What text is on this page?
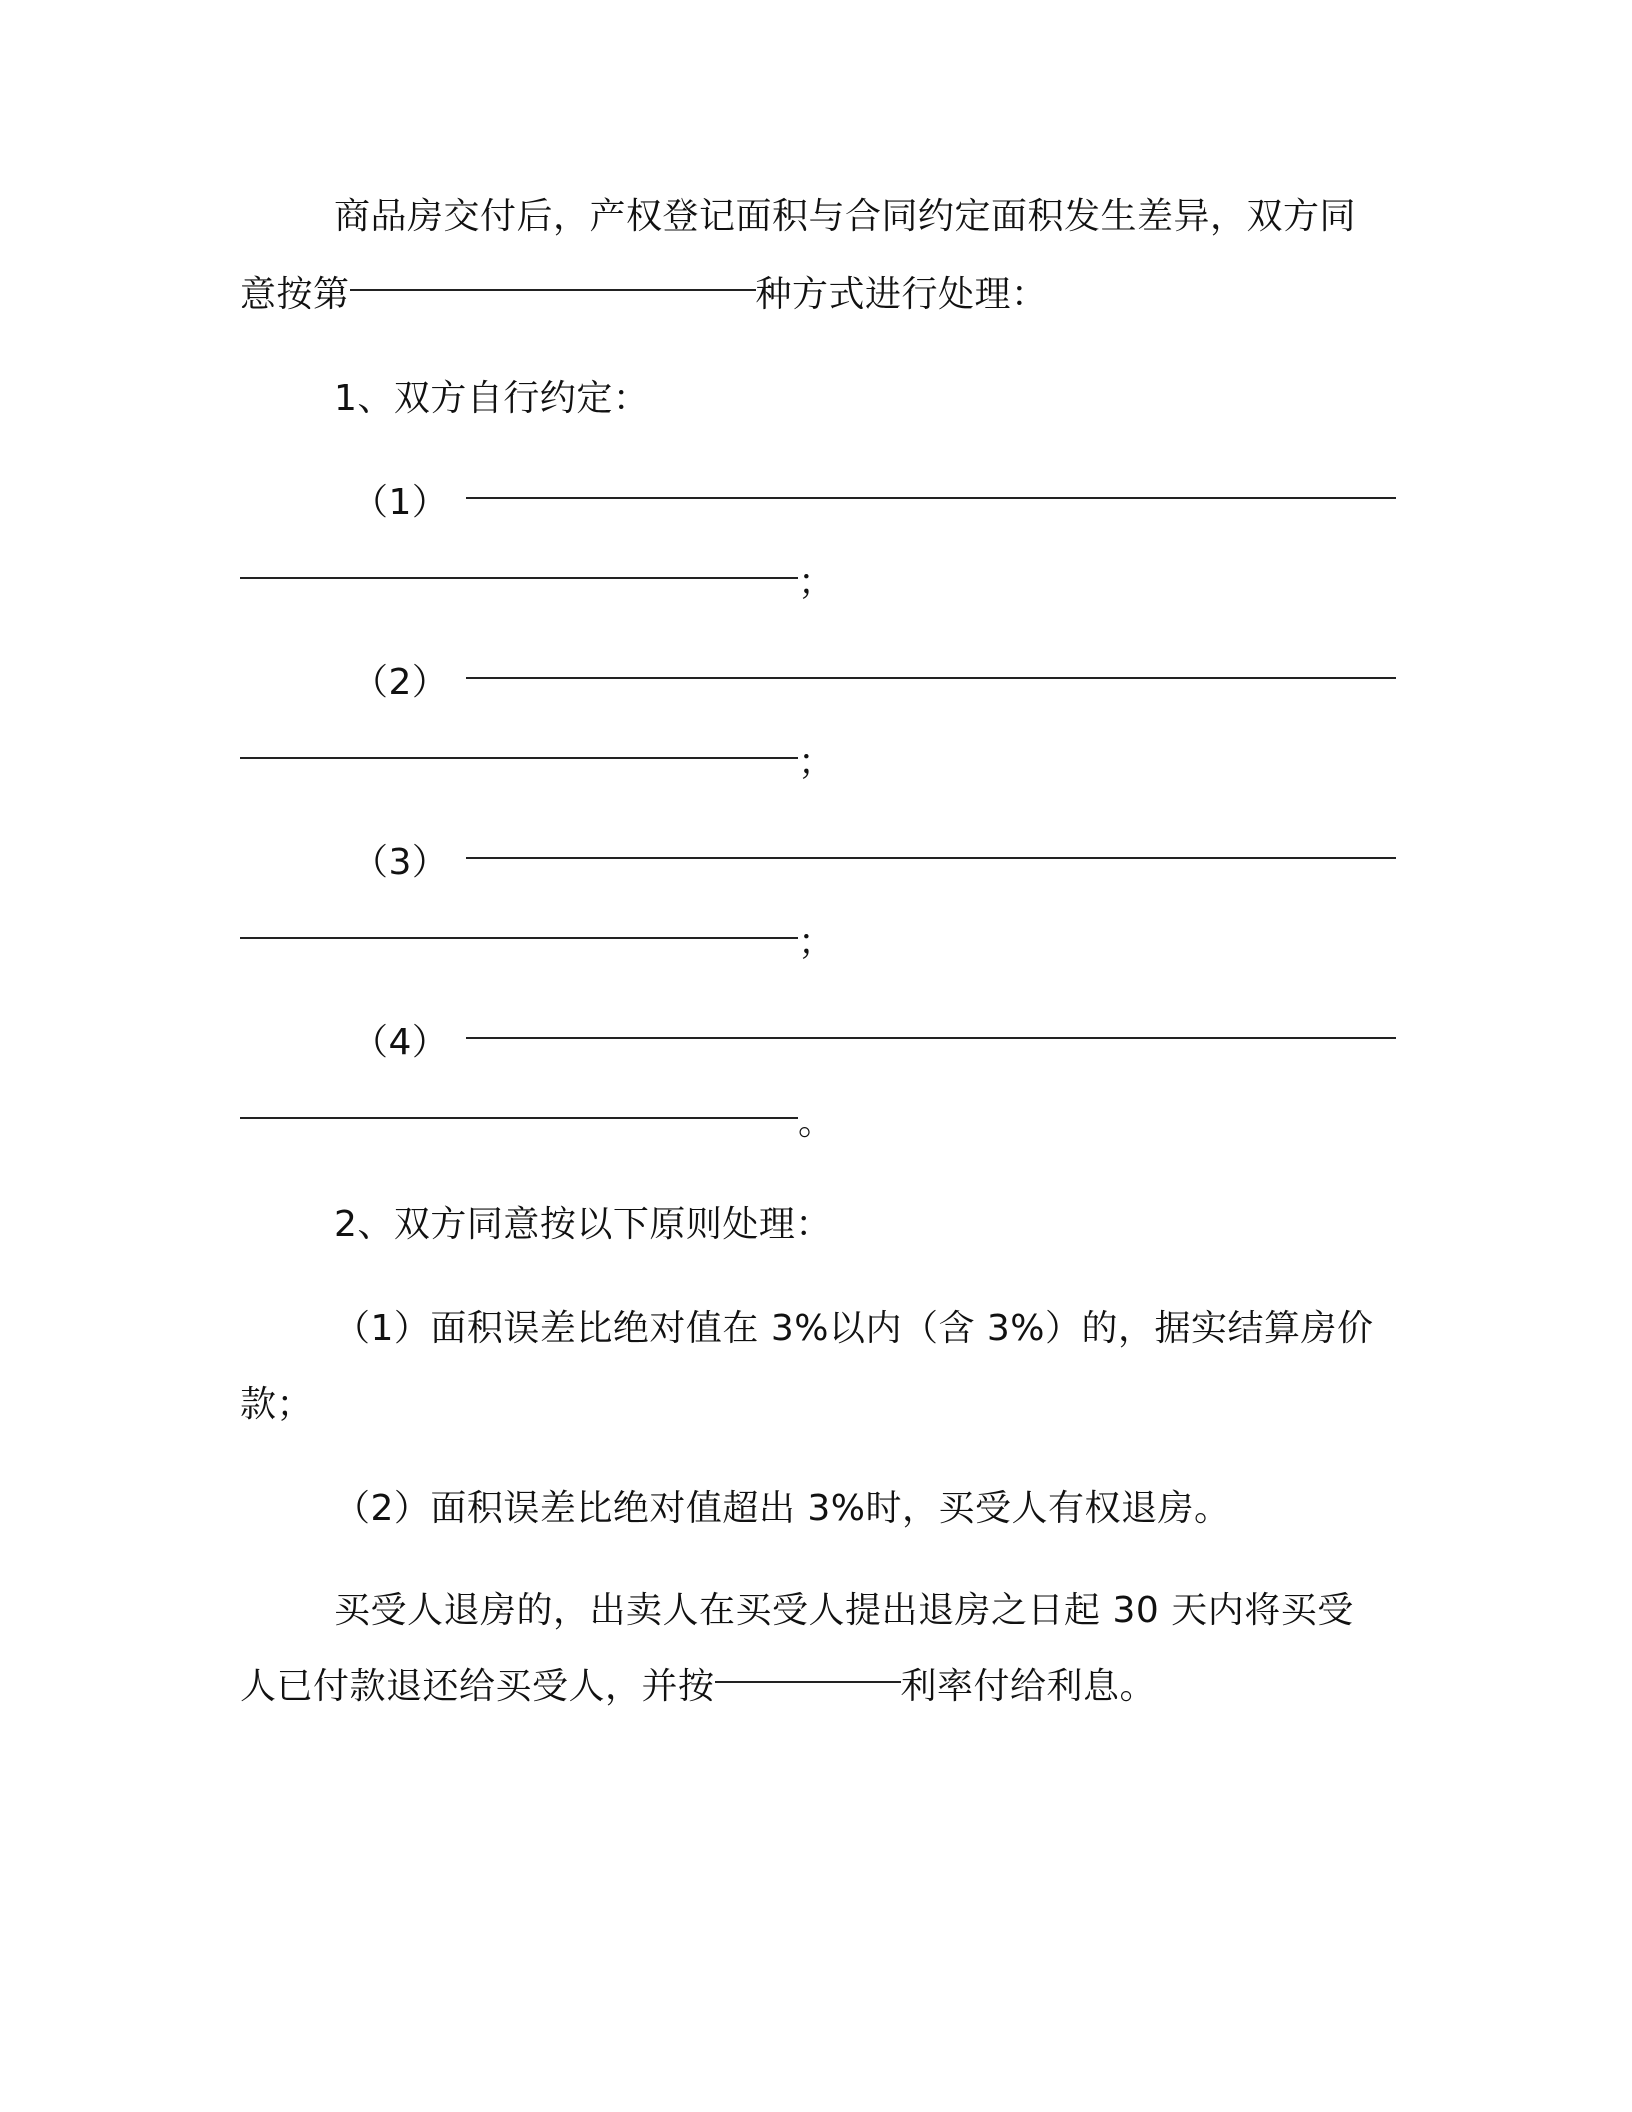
商品房交付后，产权登记面积与合同约定面积发生差异，双方同
意按第	种方式进行处理：
1、双方自行约定：
（1）
；
（2）
；
（3）
；
（4）
。
2、双方同意按以下原则处理：
（1）面积误差比绝对值在 3%以内（含 3%）的，据实结算房价
款；
（2）面积误差比绝对值超出 3%时，买受人有权退房。
买受人退房的，出卖人在买受人提出退房之日起 30 天内将买受
人已付款退还给买受人，并按	利率付给利息。
